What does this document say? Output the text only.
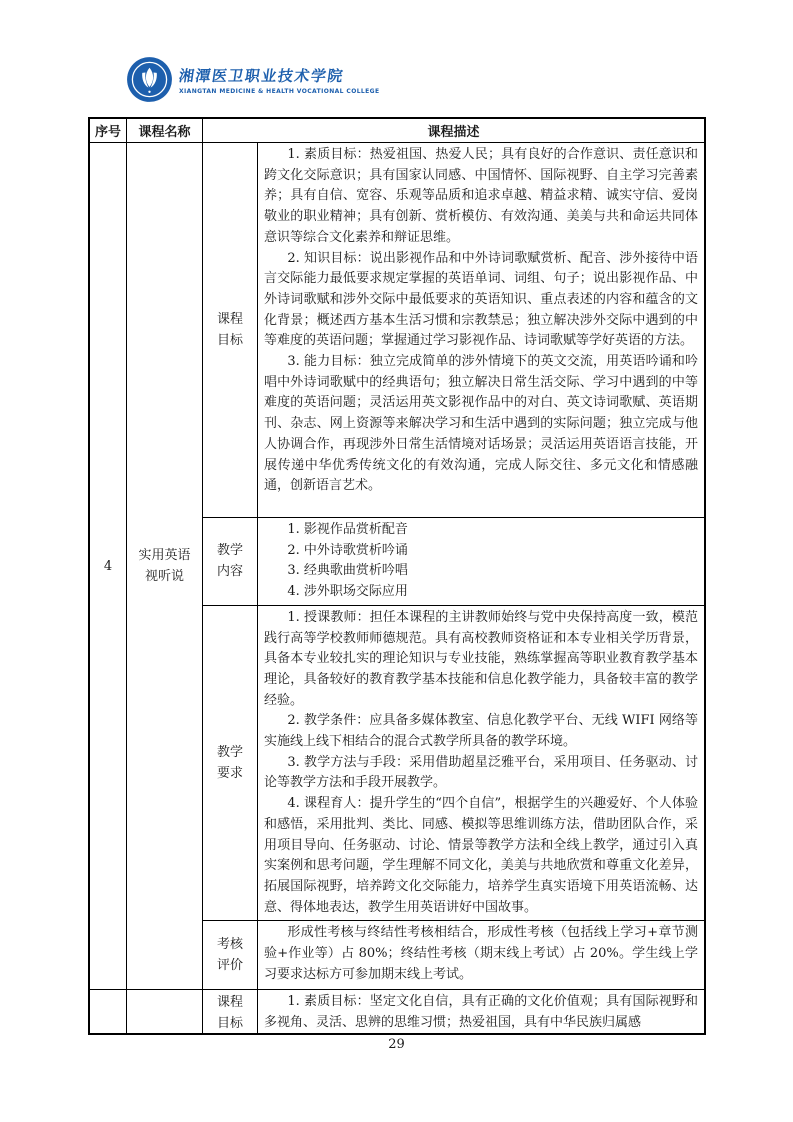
湘潭医卫职业技术学院
XIANGTAN MEDICINE & HEALTH VOCATIONAL COLLEGE
序号	课程名称	课程描述
4
实用英语视听说
课程目标

1. 素质目标：热爱祖国、热爱人民；具有良好的合作意识、责任意识和跨文化交际意识；具有国家认同感、中国情怀、国际视野、自主学习完善素养；具有自信、宽容、乐观等品质和追求卓越、精益求精、诚实守信、爱岗敬业的职业精神；具有创新、赏析模仿、有效沟通、美美与共和命运共同体意识等综合文化素养和辩证思维。

2. 知识目标：说出影视作品和中外诗词歌赋赏析、配音、涉外接待中语言交际能力最低要求规定掌握的英语单词、词组、句子；说出影视作品、中外诗词歌赋和涉外交际中最低要求的英语知识、重点表述的内容和蕴含的文化背景；概述西方基本生活习惯和宗教禁忌；独立解决涉外交际中遇到的中等难度的英语问题；掌握通过学习影视作品、诗词歌赋等学好英语的方法。

3. 能力目标：独立完成简单的涉外情境下的英文交流，用英语吟诵和吟唱中外诗词歌赋中的经典语句；独立解决日常生活交际、学习中遇到的中等难度的英语问题；灵活运用英文影视作品中的对白、英文诗词歌赋、英语期刊、杂志、网上资源等来解决学习和生活中遇到的实际问题；独立完成与他人协调合作，再现涉外日常生活情境对话场景；灵活运用英语语言技能，开展传递中华优秀传统文化的有效沟通，完成人际交往、多元文化和情感融通，创新语言艺术。

教学内容

1. 影视作品赏析配音

2. 中外诗歌赏析吟诵

3. 经典歌曲赏析吟唱

4. 涉外职场交际应用

教学要求

1. 授课教师：担任本课程的主讲教师始终与党中央保持高度一致，模范践行高等学校教师师德规范。具有高校教师资格证和本专业相关学历背景，具备本专业较扎实的理论知识与专业技能，熟练掌握高等职业教育教学基本理论，具备较好的教育教学基本技能和信息化教学能力，具备较丰富的教学经验。

2. 教学条件：应具备多媒体教室、信息化教学平台、无线 WIFI 网络等实施线上线下相结合的混合式教学所具备的教学环境。

3. 教学方法与手段：采用借助超星泛雅平台，采用项目、任务驱动、讨论等教学方法和手段开展教学。

4. 课程育人：提升学生的“四个自信”，根据学生的兴趣爱好、个人体验和感悟，采用批判、类比、同感、模拟等思维训练方法，借助团队合作，采用项目导向、任务驱动、讨论、情景等教学方法和全线上教学，通过引入真实案例和思考问题，学生理解不同文化，美美与共地欣赏和尊重文化差异，拓展国际视野，培养跨文化交际能力，培养学生真实语境下用英语流畅、达意、得体地表达，教学生用英语讲好中国故事。

考核评价

形成性考核与终结性考核相结合，形成性考核（包括线上学习+章节测验+作业等）占 80%；终结性考核（期末线上考试）占 20%。学生线上学习要求达标方可参加期末线上考试。

课程目标

1. 素质目标：坚定文化自信，具有正确的文化价值观；具有国际视野和多视角、灵活、思辨的思维习惯；热爱祖国，具有中华民族归属感

29
